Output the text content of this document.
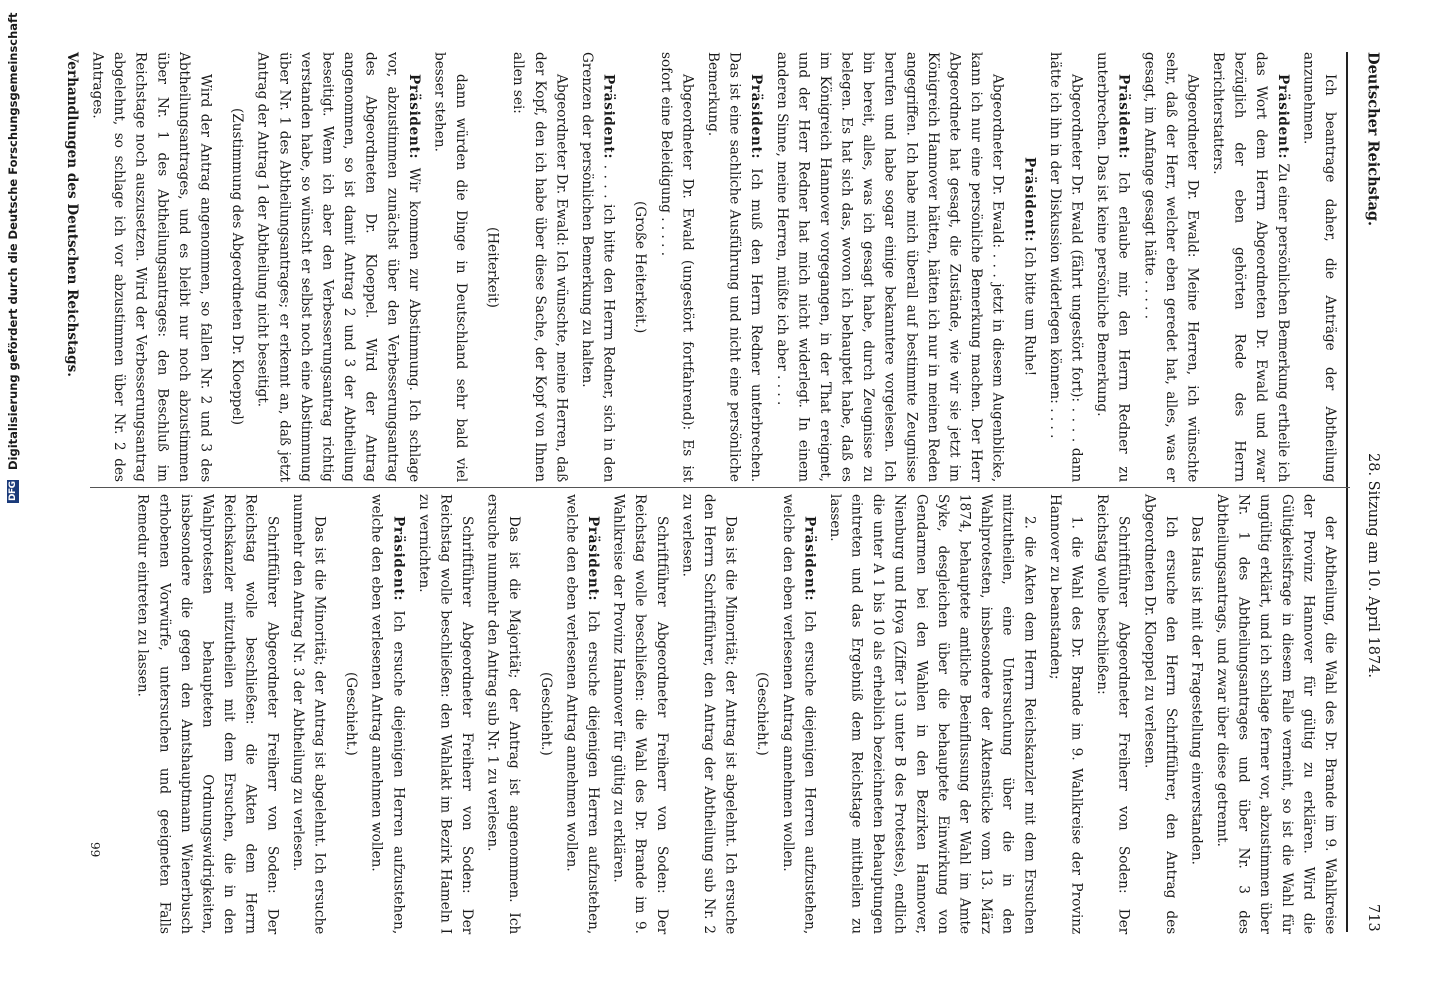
Deutscher Reichstag.
28. Sitzung am 10. April 1874.
713
Ich beantrage daher, die Anträge der Abtheilung anzunehmen.
Präsident: Zu einer persönlichen Bemerkung ertheile ich das Wort dem Herrn Abgeordneten Dr. Ewald und zwar bezüglich der eben gehörten Rede des Herrn Berichterstatters.
Abgeordneter Dr. Ewald: Meine Herren, ich wünschte sehr, daß der Herr, welcher eben geredet hat, alles, was er gesagt, im Anfange gesagt hätte . . . . .
Präsident: Ich erlaube mir, den Herrn Redner zu unterbrechen. Das ist keine persönliche Bemerkung.
Abgeordneter Dr. Ewald (fährt ungestört fort): . . . . dann hätte ich ihn in der Diskussion widerlegen können: . . . .
Präsident: Ich bitte um Ruhe!
Abgeordneter Dr. Ewald: . . . jetzt in diesem Augenblicke, kann ich nur eine persönliche Bemerkung machen. Der Herr Abgeordnete hat gesagt, die Zustände, wie wir sie jetzt im Königreich Hannover hätten, hätten ich nur in meinen Reden angegriffen. Ich habe mich überall auf bestimmte Zeugnisse berufen und habe sogar einige bekanntere vorgelesen. Ich bin bereit, alles, was ich gesagt habe, durch Zeugnisse zu belegen. Es hat sich das, wovon ich behauptet habe, daß es im Königreich Hannover vorgegangen, in der That ereignet, und der Herr Redner hat mich nicht widerlegt. In einem anderen Sinne, meine Herren, müßte ich aber . . . .
Präsident: Ich muß den Herrn Redner unterbrechen. Das ist eine sachliche Ausführung und nicht eine persönliche Bemerkung.
Abgeordneter Dr. Ewald (ungestört fortfahrend): Es ist sofort eine Beleidigung . . . . .
(Große Heiterkeit.)
Präsident: . . . . ich bitte den Herrn Redner, sich in den Grenzen der persönlichen Bemerkung zu halten.
Abgeordneter Dr. Ewald: Ich wünschte, meine Herren, daß der Kopf, den ich habe über diese Sache, der Kopf von Ihnen allen sei:
(Heiterkeit)
dann würden die Dinge in Deutschland sehr bald viel besser stehen.
Präsident: Wir kommen zur Abstimmung. Ich schlage vor, abzustimmen zunächst über den Verbesserungsantrag des Abgeordneten Dr. Kloeppel. Wird der Antrag angenommen, so ist damit Antrag 2 und 3 der Abtheilung beseitigt. Wenn ich aber den Verbesserungsantrag richtig verstanden habe, so wünscht er selbst noch eine Abstimmung über Nr. 1 des Abtheilungsantrages; er erkennt an, daß jetzt Antrag der Antrag 1 der Abtheilung nicht beseitigt.
(Zustimmung des Abgeordneten Dr. Kloeppel)
Wird der Antrag angenommen, so fallen Nr. 2 und 3 des Abtheilungsantrages, und es bleibt nur noch abzustimmen über Nr. 1 des Abtheilungsantrages: den Beschluß im Reichstage noch auszusetzen. Wird der Verbesserungsantrag abgelehnt, so schlage ich vor abzustimmen über Nr. 2 des Antrages.
Verhandlungen des Deutschen Reichstags.
der Abtheilung, die Wahl des Dr. Brande im 9. Wahlkreise der Provinz Hannover für gültig zu erklären. Wird die Gültigkeitsfrage in diesem Falle verneint, so ist die Wahl für ungültig erklärt, und ich schlage ferner vor, abzustimmen über Nr. 1 des Abtheilungsantrages und über Nr. 3 des Abtheilungsantrags, und zwar über diese getrennt.
Das Haus ist mit der Fragestellung einverstanden.
Ich ersuche den Herrn Schriftführer, den Antrag des Abgeordneten Dr. Kloeppel zu verlesen.
Schriftführer Abgeordneter Freiherr von Soden: Der Reichstag wolle beschließen:
1. die Wahl des Dr. Brande im 9. Wahlkreise der Provinz Hannover zu beanstanden;
2. die Akten dem Herrn Reichskanzler mit dem Ersuchen mitzutheilen, eine Untersuchung über die in den Wahlprotesten, insbesondere der Aktenstücke vom 13. März 1874, behauptete amtliche Beeinflussung der Wahl im Amte Syke, desgleichen über die behauptete Einwirkung von Gendarmen bei den Wahlen in den Bezirken Hannover, Nienburg und Hoya (Ziffer 13 unter B des Protestes), endlich die unter A 1 bis 10 als erheblich bezeichneten Behauptungen eintreten und das Ergebniß dem Reichstage mittheilen zu lassen.
Präsident: Ich ersuche diejenigen Herren aufzustehen, welche den eben verlesenen Antrag annehmen wollen.
(Geschieht.)
Das ist die Minorität; der Antrag ist abgelehnt. Ich ersuche den Herrn Schriftführer, den Antrag der Abtheilung sub Nr. 2 zu verlesen.
Schriftführer Abgeordneter Freiherr von Soden: Der Reichstag wolle beschließen: die Wahl des Dr. Brande im 9. Wahlkreise der Provinz Hannover für gültig zu erklären.
Präsident: Ich ersuche diejenigen Herren aufzustehen, welche den eben verlesenen Antrag annehmen wollen.
(Geschieht.)
Das ist die Majorität; der Antrag ist angenommen. Ich ersuche nunmehr den Antrag sub Nr. 1 zu verlesen.
Schriftführer Abgeordneter Freiherr von Soden: Der Reichstag wolle beschließen: den Wahlakt im Bezirk Hameln I zu vernichten.
Präsident: Ich ersuche diejenigen Herren aufzustehen, welche den eben verlesenen Antrag annehmen wollen.
(Geschieht.)
Das ist die Minorität; der Antrag ist abgelehnt. Ich ersuche nunmehr den Antrag Nr. 3 der Abtheilung zu verlesen.
Schriftführer Abgeordneter Freiherr von Soden: Der Reichstag wolle beschließen: die Akten dem Herrn Reichskanzler mitzutheilen mit dem Ersuchen, die in den Wahlprotesten behaupteten Ordnungswidrigkeiten, insbesondere die gegen den Amtshauptmann Wienerbusch erhobenen Vorwürfe, untersuchen und geeigneten Falls Remedur eintreten zu lassen.
99
DFG
Digitalisierung gefördert durch die Deutsche Forschungsgemeinschaft
